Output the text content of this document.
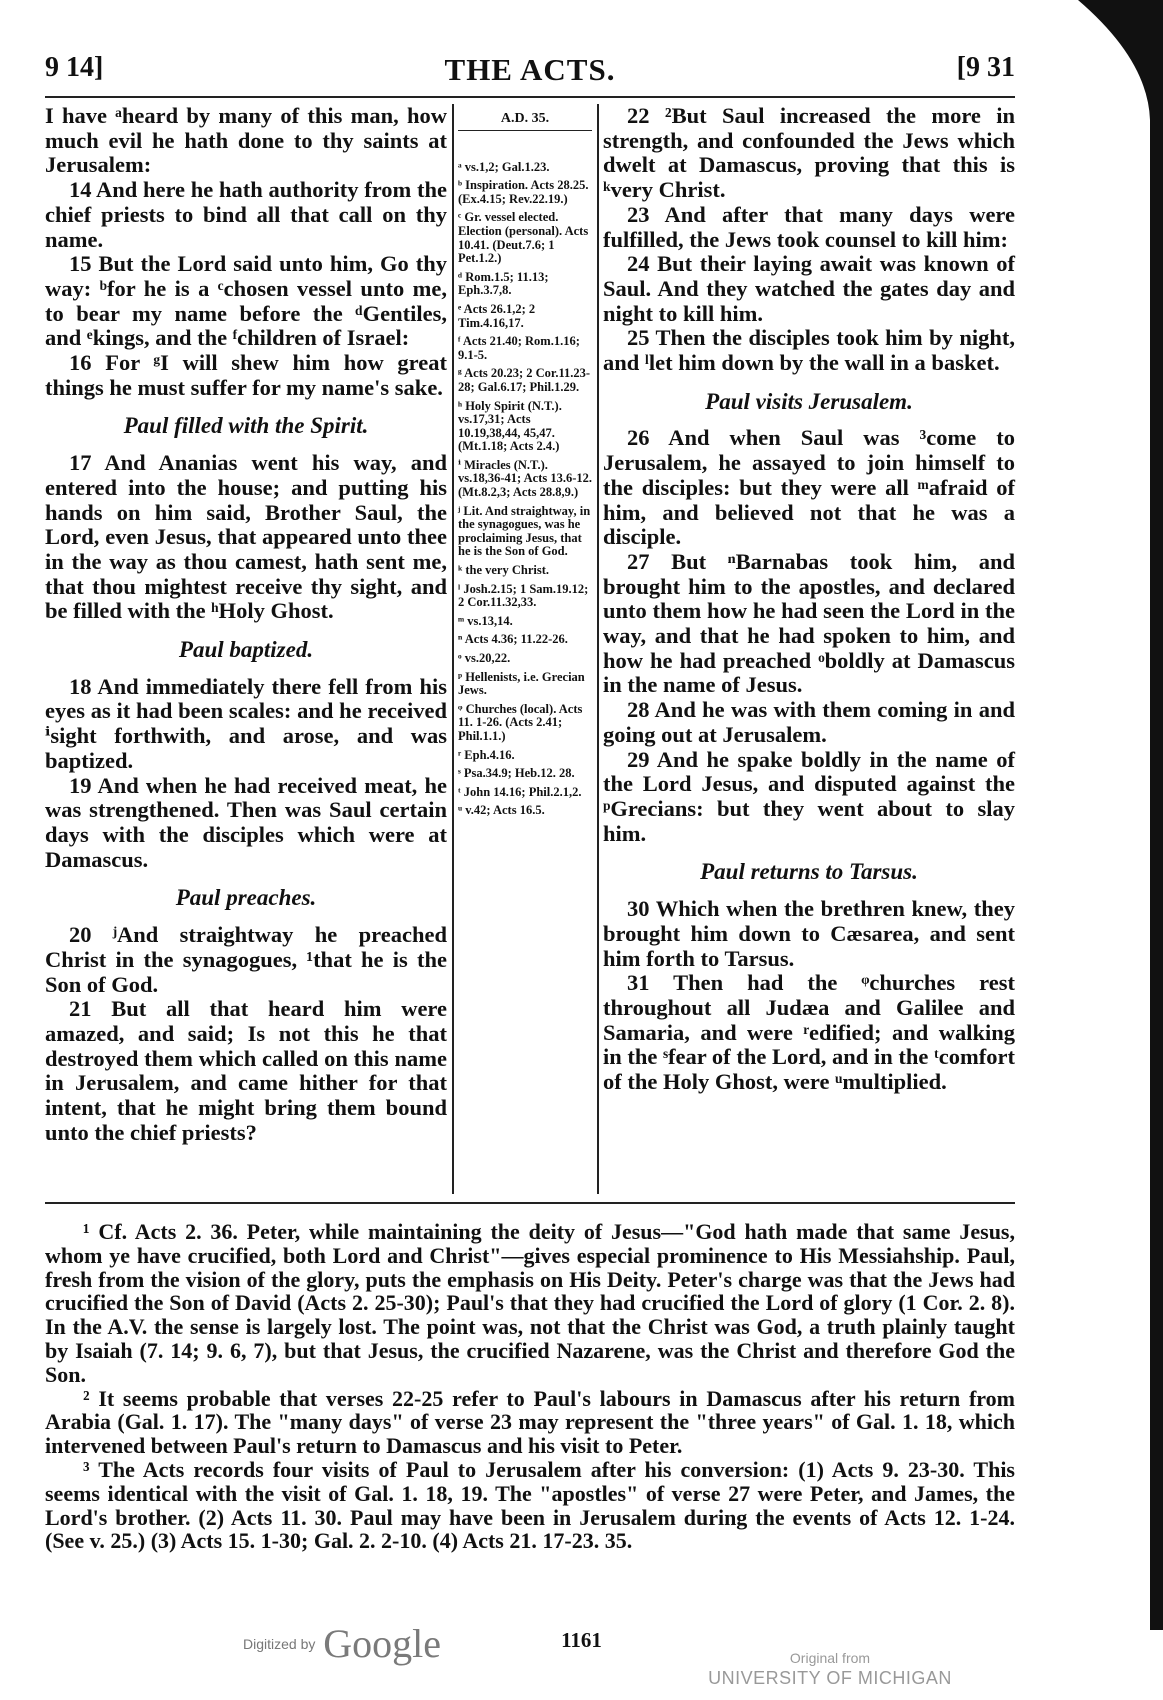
9 14]	THE ACTS.	[9 31

I have ᵃheard by many of this man, how much evil he hath done to thy saints at Jerusalem:

14 And here he hath authority from the chief priests to bind all that call on thy name.

15 But the Lord said unto him, Go thy way: ᵇfor he is a ᶜchosen vessel unto me, to bear my name before the ᵈGentiles, and ᵉkings, and the ᶠchildren of Israel:

16 For ᵍI will shew him how great things he must suffer for my name's sake.

Paul filled with the Spirit.

17 And Ananias went his way, and entered into the house; and putting his hands on him said, Brother Saul, the Lord, even Jesus, that appeared unto thee in the way as thou camest, hath sent me, that thou mightest receive thy sight, and be filled with the ʰHoly Ghost.

Paul baptized.

18 And immediately there fell from his eyes as it had been scales: and he received ⁱsight forthwith, and arose, and was baptized.

19 And when he had received meat, he was strengthened. Then was Saul certain days with the disciples which were at Damascus.

Paul preaches.

20 ʲAnd straightway he preached Christ in the synagogues, ¹that he is the Son of God.

21 But all that heard him were amazed, and said; Is not this he that destroyed them which called on this name in Jerusalem, and came hither for that intent, that he might bring them bound unto the chief priests?

A.D. 35.
ᵃ vs.1,2; Gal.1.23.
ᵇ Inspiration. Acts 28.25. (Ex.4.15; Rev.22.19.)
ᶜ Gr. vessel elected. Election (personal). Acts 10.41. (Deut.7.6; 1 Pet.1.2.)
ᵈ Rom.1.5; 11.13; Eph.3.7,8.
ᵉ Acts 26.1,2; 2 Tim.4.16,17.
ᶠ Acts 21.40; Rom.1.16; 9.1-5.
ᵍ Acts 20.23; 2 Cor.11.23-28; Gal.6.17; Phil.1.29.
ʰ Holy Spirit (N.T.). vs.17,31; Acts 10.19,38,44, 45,47. (Mt.1.18; Acts 2.4.)
ⁱ Miracles (N.T.). vs.18,36-41; Acts 13.6-12. (Mt.8.2,3; Acts 28.8,9.)
ʲ Lit. And straightway, in the synagogues, was he proclaiming Jesus, that he is the Son of God.
ᵏ the very Christ.
ˡ Josh.2.15; 1 Sam.19.12; 2 Cor.11.32,33.
ᵐ vs.13,14.
ⁿ Acts 4.36; 11.22-26.
ᵒ vs.20,22.
ᵖ Hellenists, i.e. Grecian Jews.
ᵠ Churches (local). Acts 11. 1-26. (Acts 2.41; Phil.1.1.)
ʳ Eph.4.16.
ˢ Psa.34.9; Heb.12. 28.
ᵗ John 14.16; Phil.2.1,2.
ᵘ v.42; Acts 16.5.

22 ²But Saul increased the more in strength, and confounded the Jews which dwelt at Damascus, proving that this is ᵏvery Christ.

23 And after that many days were fulfilled, the Jews took counsel to kill him:

24 But their laying await was known of Saul. And they watched the gates day and night to kill him.

25 Then the disciples took him by night, and ˡlet him down by the wall in a basket.

Paul visits Jerusalem.

26 And when Saul was ³come to Jerusalem, he assayed to join himself to the disciples: but they were all ᵐafraid of him, and believed not that he was a disciple.

27 But ⁿBarnabas took him, and brought him to the apostles, and declared unto them how he had seen the Lord in the way, and that he had spoken to him, and how he had preached ᵒboldly at Damascus in the name of Jesus.

28 And he was with them coming in and going out at Jerusalem.

29 And he spake boldly in the name of the Lord Jesus, and disputed against the ᵖGrecians: but they went about to slay him.

Paul returns to Tarsus.

30 Which when the brethren knew, they brought him down to Cæsarea, and sent him forth to Tarsus.

31 Then had the ᵠchurches rest throughout all Judæa and Galilee and Samaria, and were ʳedified; and walking in the ˢfear of the Lord, and in the ᵗcomfort of the Holy Ghost, were ᵘmultiplied.

¹ Cf. Acts 2. 36. Peter, while maintaining the deity of Jesus—"God hath made that same Jesus, whom ye have crucified, both Lord and Christ"—gives especial prominence to His Messiahship. Paul, fresh from the vision of the glory, puts the emphasis on His Deity. Peter's charge was that the Jews had crucified the Son of David (Acts 2. 25-30); Paul's that they had crucified the Lord of glory (1 Cor. 2. 8). In the A.V. the sense is largely lost. The point was, not that the Christ was God, a truth plainly taught by Isaiah (7. 14; 9. 6, 7), but that Jesus, the crucified Nazarene, was the Christ and therefore God the Son.

² It seems probable that verses 22-25 refer to Paul's labours in Damascus after his return from Arabia (Gal. 1. 17). The "many days" of verse 23 may represent the "three years" of Gal. 1. 18, which intervened between Paul's return to Damascus and his visit to Peter.

³ The Acts records four visits of Paul to Jerusalem after his conversion: (1) Acts 9. 23-30. This seems identical with the visit of Gal. 1. 18, 19. The "apostles" of verse 27 were Peter, and James, the Lord's brother. (2) Acts 11. 30. Paul may have been in Jerusalem during the events of Acts 12. 1-24. (See v. 25.) (3) Acts 15. 1-30; Gal. 2. 2-10. (4) Acts 21. 17-23. 35.

1161
Digitized by Google	Original from
UNIVERSITY OF MICHIGAN
